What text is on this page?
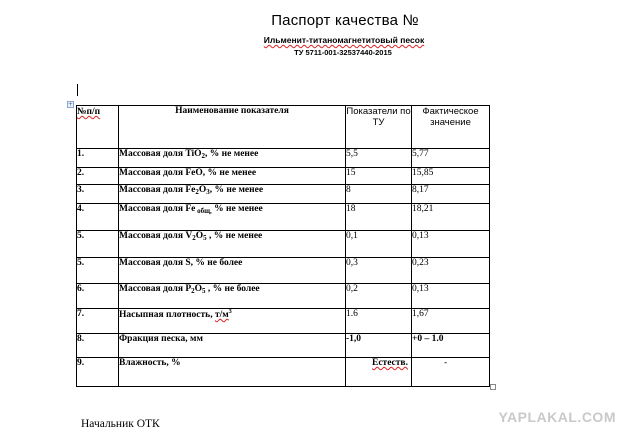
Паспорт качества №
Ильменит-титаномагнетитовый песок
ТУ 5711-001-32537440-2015
+
№п/п	Наименование показателя	Показатели по ТУ	Фактическое значение
1.	Массовая доля TiO$_2$, % не менее	5,5	5,77
2.	Массовая доля FeO, % не менее	15	15,85
3.	Массовая доля $Fe_2O_3$, % не менее	8	8,17
4.	Массовая доля Fe $_{общ,}$ % не менее	18	18,21
5.	Массовая доля $V_2O_5$ , % не менее	0,1	0,13
5.	Массовая доля S, % не более	0,3	0,23
6.	Массовая доля $P_2O_5$ , % не более	0,2	0,13
7.	Насыпная плотность, $т/м^3$	1.6	1,67
8.	Фракция песка, мм	-1,0	+0 – 1.0
9.	Влажность, %	Естеств.	-
Начальник ОТК	YAPLAKAL.COM
